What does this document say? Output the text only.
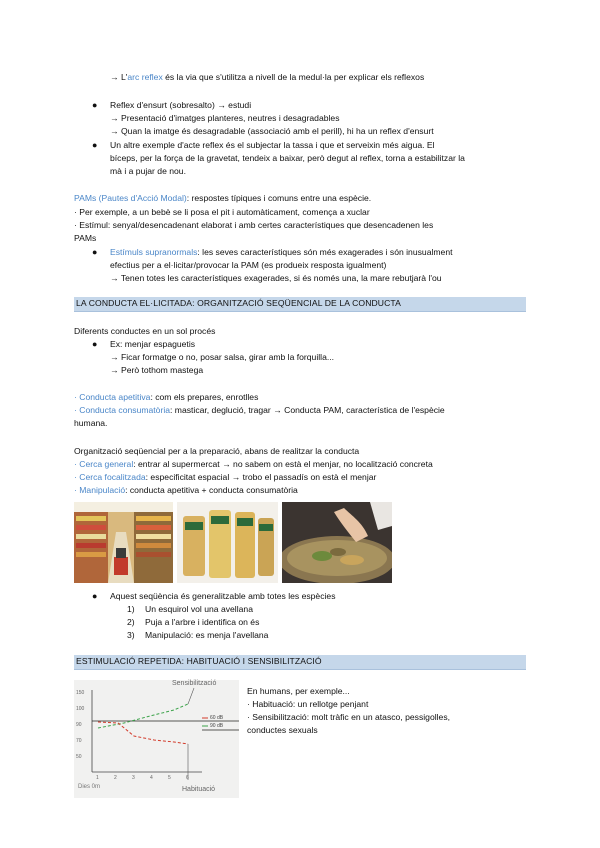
→ L'arc reflex és la via que s'utilitza a nivell de la medul·la per explicar els reflexos
● Reflex d'ensurt (sobresalto) → estudi
→ Presentació d'imatges planteres, neutres i desagradables
→ Quan la imatge és desagradable (associació amb el perill), hi ha un reflex d'ensurt
● Un altre exemple d'acte reflex és el subjectar la tassa i que et serveixin més aigua. El
bíceps, per la força de la gravetat, tendeix a baixar, però degut al reflex, torna a estabilitzar la
mà i a pujar de nou.
PAMs (Pautes d'Acció Modal): respostes típiques i comuns entre una espècie.
· Per exemple, a un bebè se li posa el pit i automàticament, comença a xuclar
· Estímul: senyal/desencadenant elaborat i amb certes característiques que desencadenen les
PAMs
● Estímuls supranormals: les seves característiques són més exagerades i són inusualment
efectius per a el·licitar/provocar la PAM (es produeix resposta igualment)
→ Tenen totes les característiques exagerades, si és només una, la mare rebutjarà l'ou
LA CONDUCTA EL·LICITADA: ORGANITZACIÓ SEQÜENCIAL DE LA CONDUCTA
Diferents conductes en un sol procés
● Ex: menjar espaguetis
→ Ficar formatge o no, posar salsa, girar amb la forquilla...
→ Però tothom mastega
· Conducta apetitiva: com els prepares, enrotlles
· Conducta consumatòria: masticar, deglució, tragar → Conducta PAM, característica de l'espècie
humana.
Organització seqüencial per a la preparació, abans de realitzar la conducta
· Cerca general: entrar al supermercat → no sabem on està el menjar, no localització concreta
· Cerca focalitzada: especificitat espacial → trobo el passadís on està el menjar
· Manipulació: conducta apetitiva + conducta consumatòria
● Aquest seqüència és generalitzable amb totes les espècies
1) Un esquirol vol una avellana
2) Puja a l'arbre i identifica on és
3) Manipulació: es menja l'avellana
ESTIMULACIÓ REPETIDA: HABITUACIÓ I SENSIBILITZACIÓ
Sensibilització
Habituació
Dies 0m
150
100
90
70
50
1	2	3	4	5	6
60 dB
90 dB
En humans, per exemple...
· Habituació: un rellotge penjant
· Sensibilització: molt tràfic en un atasco, pessigolles,
conductes sexuals
